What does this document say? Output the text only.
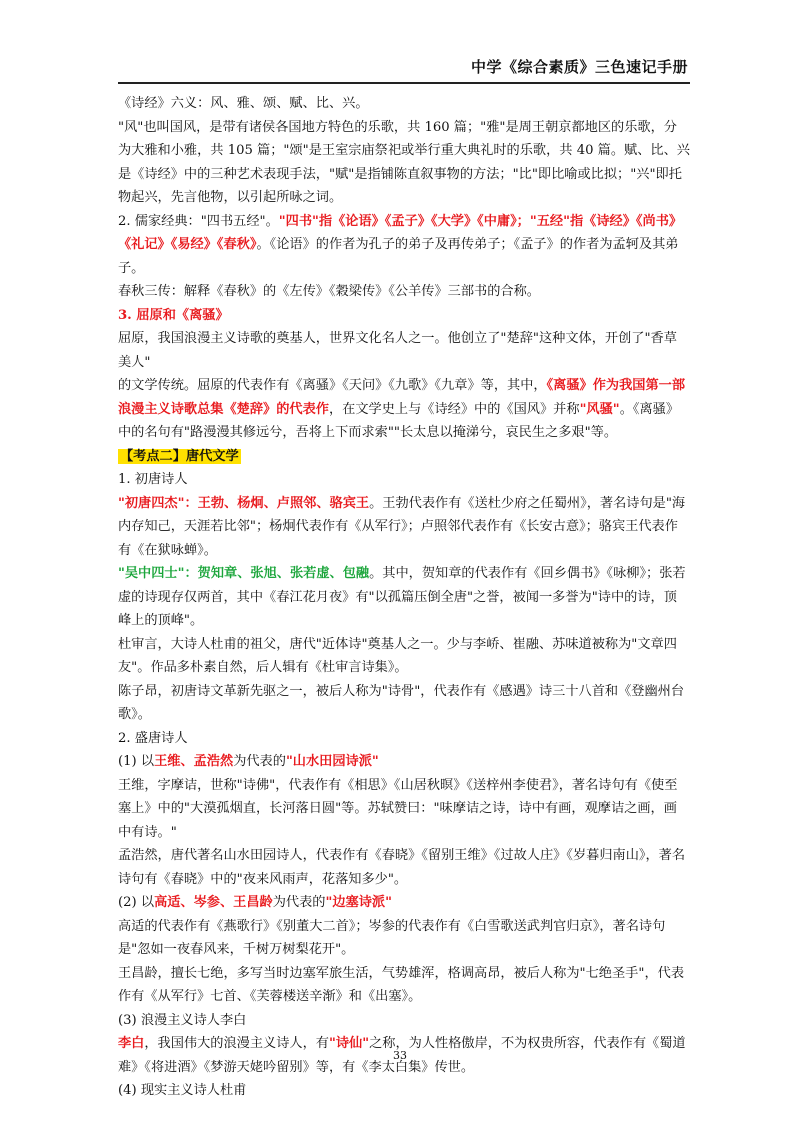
中学《综合素质》三色速记手册

《诗经》六义：风、雅、颂、赋、比、兴。

"风"也叫国风，是带有诸侯各国地方特色的乐歌，共 160 篇；"雅"是周王朝京都地区的乐歌，分为大雅和小雅，共 105 篇；"颂"是王室宗庙祭祀或举行重大典礼时的乐歌，共 40 篇。赋、比、兴是《诗经》中的三种艺术表现手法，"赋"是指铺陈直叙事物的方法；"比"即比喻或比拟；"兴"即托物起兴，先言他物，以引起所咏之词。

2. 儒家经典："四书五经"。"四书"指《论语》《孟子》《大学》《中庸》；"五经"指《诗经》《尚书》《礼记》《易经》《春秋》。《论语》的作者为孔子的弟子及再传弟子；《孟子》的作者为孟轲及其弟子。

春秋三传：解释《春秋》的《左传》《穀梁传》《公羊传》三部书的合称。

3. 屈原和《离骚》

屈原，我国浪漫主义诗歌的奠基人，世界文化名人之一。他创立了"楚辞"这种文体，开创了"香草美人"

的文学传统。屈原的代表作有《离骚》《天问》《九歌》《九章》等，其中，《离骚》作为我国第一部浪漫主义诗歌总集《楚辞》的代表作，在文学史上与《诗经》中的《国风》并称"风骚"。《离骚》中的名句有"路漫漫其修远兮，吾将上下而求索""长太息以掩涕兮，哀民生之多艰"等。

【考点二】唐代文学

1. 初唐诗人

"初唐四杰"：王勃、杨炯、卢照邻、骆宾王。王勃代表作有《送杜少府之任蜀州》，著名诗句是"海内存知己，天涯若比邻"；杨炯代表作有《从军行》；卢照邻代表作有《长安古意》；骆宾王代表作有《在狱咏蝉》。

"吴中四士"：贺知章、张旭、张若虚、包融。其中，贺知章的代表作有《回乡偶书》《咏柳》；张若虚的诗现存仅两首，其中《春江花月夜》有"以孤篇压倒全唐"之誉，被闻一多誉为"诗中的诗，顶峰上的顶峰"。

杜审言，大诗人杜甫的祖父，唐代"近体诗"奠基人之一。少与李峤、崔融、苏味道被称为"文章四友"。作品多朴素自然，后人辑有《杜审言诗集》。

陈子昂，初唐诗文革新先驱之一，被后人称为"诗骨"，代表作有《感遇》诗三十八首和《登幽州台歌》。

2. 盛唐诗人

(1) 以王维、孟浩然为代表的"山水田园诗派"

王维，字摩诘，世称"诗佛"，代表作有《相思》《山居秋暝》《送梓州李使君》，著名诗句有《使至塞上》中的"大漠孤烟直，长河落日圆"等。苏轼赞曰："味摩诘之诗，诗中有画，观摩诘之画，画中有诗。"

孟浩然，唐代著名山水田园诗人，代表作有《春晓》《留别王维》《过故人庄》《岁暮归南山》，著名诗句有《春晓》中的"夜来风雨声，花落知多少"。

(2) 以高适、岑参、王昌龄为代表的"边塞诗派"

高适的代表作有《燕歌行》《别董大二首》；岑参的代表作有《白雪歌送武判官归京》，著名诗句是"忽如一夜春风来，千树万树梨花开"。

王昌龄，擅长七绝，多写当时边塞军旅生活，气势雄浑，格调高昂，被后人称为"七绝圣手"，代表作有《从军行》七首、《芙蓉楼送辛渐》和《出塞》。

(3) 浪漫主义诗人李白

李白，我国伟大的浪漫主义诗人，有"诗仙"之称，为人性格傲岸，不为权贵所容，代表作有《蜀道难》《将进酒》《梦游天姥吟留别》等，有《李太白集》传世。

(4) 现实主义诗人杜甫

33
